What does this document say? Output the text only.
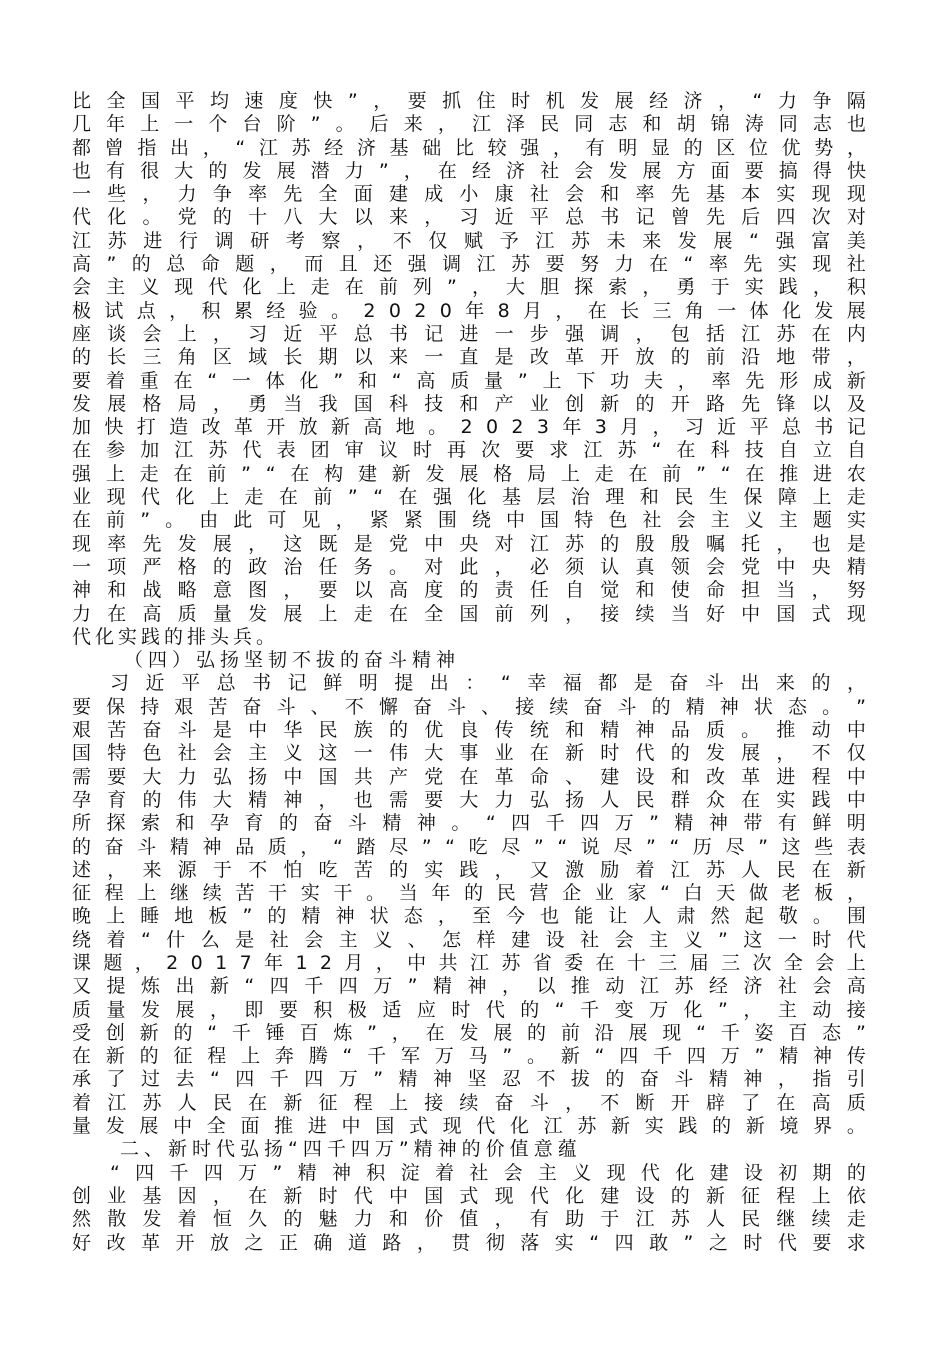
比 全 国 平 均 速 度 快 ” ， 要 抓 住 时 机 发 展 经 济 ， “ 力 争 隔
几 年 上 一 个 台 阶 ” 。 后 来 ， 江 泽 民 同 志 和 胡 锦 涛 同 志 也
都 曾 指 出 ， “ 江 苏 经 济 基 础 比 较 强 ， 有 明 显 的 区 位 优 势 ，
也 有 很 大 的 发 展 潜 力 ” ， 在 经 济 社 会 发 展 方 面 要 搞 得 快
一 些 ， 力 争 率 先 全 面 建 成 小 康 社 会 和 率 先 基 本 实 现 现
代 化 。 党 的 十 八 大 以 来 ， 习 近 平 总 书 记 曾 先 后 四 次 对
江 苏 进 行 调 研 考 察 ， 不 仅 赋 予 江 苏 未 来 发 展 “ 强 富 美
高 ” 的 总 命 题 ， 而 且 还 强 调 江 苏 要 努 力 在 “ 率 先 实 现 社
会 主 义 现 代 化 上 走 在 前 列 ” ， 大 胆 探 索 ， 勇 于 实 践 ， 积
极 试 点 ， 积 累 经 验 。 2 0 2 0 年 8 月 ， 在 长 三 角 一 体 化 发 展
座 谈 会 上 ， 习 近 平 总 书 记 进 一 步 强 调 ， 包 括 江 苏 在 内
的 长 三 角 区 域 长 期 以 来 一 直 是 改 革 开 放 的 前 沿 地 带 ，
要 着 重 在 “ 一 体 化 ” 和 “ 高 质 量 ” 上 下 功 夫 ， 率 先 形 成 新
发 展 格 局 ， 勇 当 我 国 科 技 和 产 业 创 新 的 开 路 先 锋 以 及
加 快 打 造 改 革 开 放 新 高 地 。 2 0 2 3 年 3 月 ， 习 近 平 总 书 记
在 参 加 江 苏 代 表 团 审 议 时 再 次 要 求 江 苏 “ 在 科 技 自 立 自
强 上 走 在 前 ” “ 在 构 建 新 发 展 格 局 上 走 在 前 ” “ 在 推 进 农
业 现 代 化 上 走 在 前 ” “ 在 强 化 基 层 治 理 和 民 生 保 障 上 走
在 前 ” 。 由 此 可 见 ， 紧 紧 围 绕 中 国 特 色 社 会 主 义 主 题 实
现 率 先 发 展 ， 这 既 是 党 中 央 对 江 苏 的 殷 殷 嘱 托 ， 也 是
一 项 严 格 的 政 治 任 务 。 对 此 ， 必 须 认 真 领 会 党 中 央 精
神 和 战 略 意 图 ， 要 以 高 度 的 责 任 自 觉 和 使 命 担 当 ， 努
力 在 高 质 量 发 展 上 走 在 全 国 前 列 ， 接 续 当 好 中 国 式 现
代化实践的排头兵。
（四）弘扬坚韧不拔的奋斗精神
习 近 平 总 书 记 鲜 明 提 出 ： “ 幸 福 都 是 奋 斗 出 来 的 ，
要 保 持 艰 苦 奋 斗 、 不 懈 奋 斗 、 接 续 奋 斗 的 精 神 状 态 。 ”
艰 苦 奋 斗 是 中 华 民 族 的 优 良 传 统 和 精 神 品 质 。 推 动 中
国 特 色 社 会 主 义 这 一 伟 大 事 业 在 新 时 代 的 发 展 ， 不 仅
需 要 大 力 弘 扬 中 国 共 产 党 在 革 命 、 建 设 和 改 革 进 程 中
孕 育 的 伟 大 精 神 ， 也 需 要 大 力 弘 扬 人 民 群 众 在 实 践 中
所 探 索 和 孕 育 的 奋 斗 精 神 。 “ 四 千 四 万 ” 精 神 带 有 鲜 明
的 奋 斗 精 神 品 质 ， “ 踏 尽 ” “ 吃 尽 ” “ 说 尽 ” “ 历 尽 ” 这 些 表
述 ， 来 源 于 不 怕 吃 苦 的 实 践 ， 又 激 励 着 江 苏 人 民 在 新
征 程 上 继 续 苦 干 实 干 。 当 年 的 民 营 企 业 家 “ 白 天 做 老 板 ，
晚 上 睡 地 板 ” 的 精 神 状 态 ， 至 今 也 能 让 人 肃 然 起 敬 。 围
绕 着 “ 什 么 是 社 会 主 义 、 怎 样 建 设 社 会 主 义 ” 这 一 时 代
课 题 ， 2 0 1 7 年 1 2 月 ， 中 共 江 苏 省 委 在 十 三 届 三 次 全 会 上
又 提 炼 出 新 “ 四 千 四 万 ” 精 神 ， 以 推 动 江 苏 经 济 社 会 高
质 量 发 展 ， 即 要 积 极 适 应 时 代 的 “ 千 变 万 化 ” ， 主 动 接
受 创 新 的 “ 千 锤 百 炼 ” ， 在 发 展 的 前 沿 展 现 “ 千 姿 百 态 ”
在 新 的 征 程 上 奔 腾 “ 千 军 万 马 ” 。 新 “ 四 千 四 万 ” 精 神 传
承 了 过 去 “ 四 千 四 万 ” 精 神 坚 忍 不 拔 的 奋 斗 精 神 ， 指 引
着 江 苏 人 民 在 新 征 程 上 接 续 奋 斗 ， 不 断 开 辟 了 在 高 质
量 发 展 中 全 面 推 进 中 国 式 现 代 化 江 苏 新 实 践 的 新 境 界 。
二、新时代弘扬“四千四万”精神的价值意蕴
“ 四 千 四 万 ” 精 神 积 淀 着 社 会 主 义 现 代 化 建 设 初 期 的
创 业 基 因 ， 在 新 时 代 中 国 式 现 代 化 建 设 的 新 征 程 上 依
然 散 发 着 恒 久 的 魅 力 和 价 值 ， 有 助 于 江 苏 人 民 继 续 走
好 改 革 开 放 之 正 确 道 路 ， 贯 彻 落 实 “ 四 敢 ” 之 时 代 要 求
